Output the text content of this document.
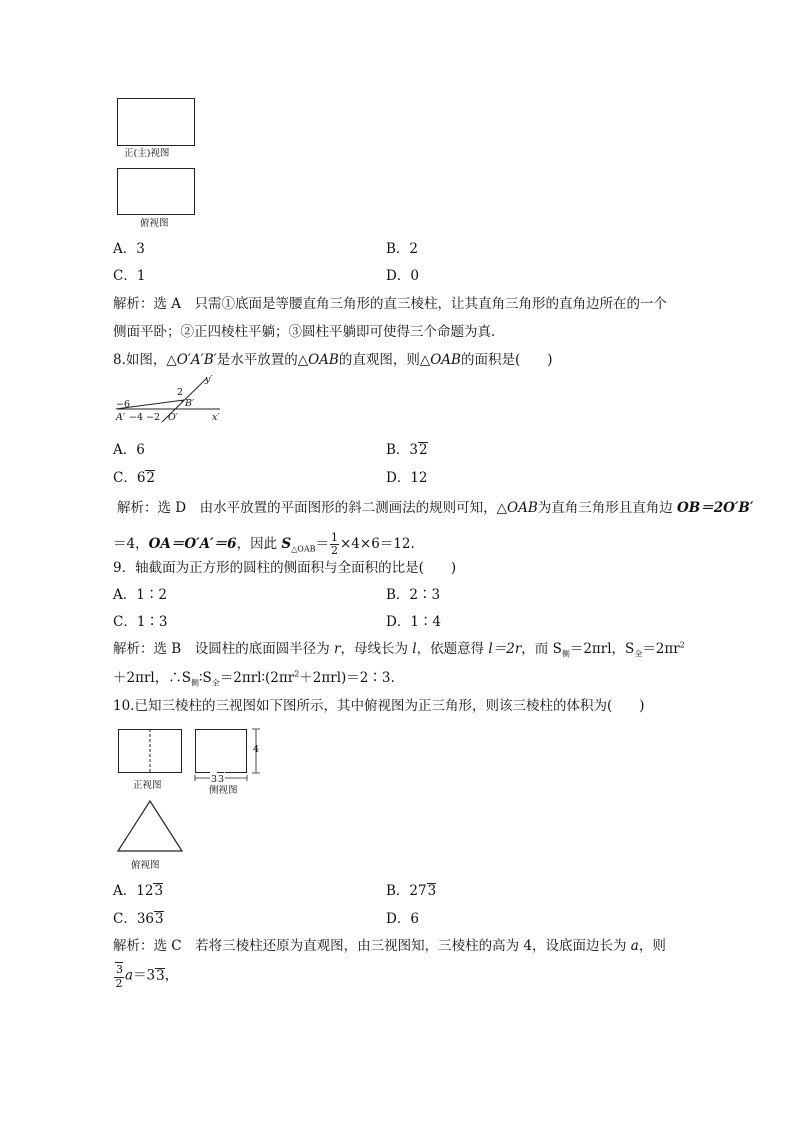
正(主)视图
俯视图
A．3	B．2
C．1	D．0
解析：选 A　只需①底面是等腰直角三角形的直三棱柱，让其直角三角形的直角边所在的一个
侧面平卧；②正四棱柱平躺；③圆柱平躺即可使得三个命题为真．
8.如图，△O′A′B′是水平放置的△OAB的直观图，则△OAB的面积是(　　)
y′
2
B′
−6
A′ −4 −2 O′	x′
A．6	B．32
C．62	D．12
解析：选 D　由水平放置的平面图形的斜二测画法的规则可知，△OAB为直角三角形且直角边 OB＝2O′B′
＝4，OA＝O′A′＝6，因此 $S_{\triangle OAB}= \frac{1}{2} \times 4\times 6=12$.
9．轴截面为正方形的圆柱的侧面积与全面积的比是(　　)
A．1∶2	B．2∶3
C．1∶3	D．1∶4
解析：选 B　设圆柱的底面圆半径为 r，母线长为 l，依题意得 l＝2r，而 $S_侧=2\pi rl$，$S_全=2\pi r^2$
＋2πrl，$\therefore S_侧∶S_全=2\pi rl∶(2\pi r^2+2\pi rl)=2∶3$.
10.已知三棱柱的三视图如下图所示，其中俯视图为正三角形，则该三棱柱的体积为(　　)
正视图
4
33
侧视图
俯视图
A．123	B．273
C．363	D．6
解析：选 C　若将三棱柱还原为直观图，由三视图知，三棱柱的高为 4，设底面边长为 a，则
$\frac{3}{2} a=33$，
